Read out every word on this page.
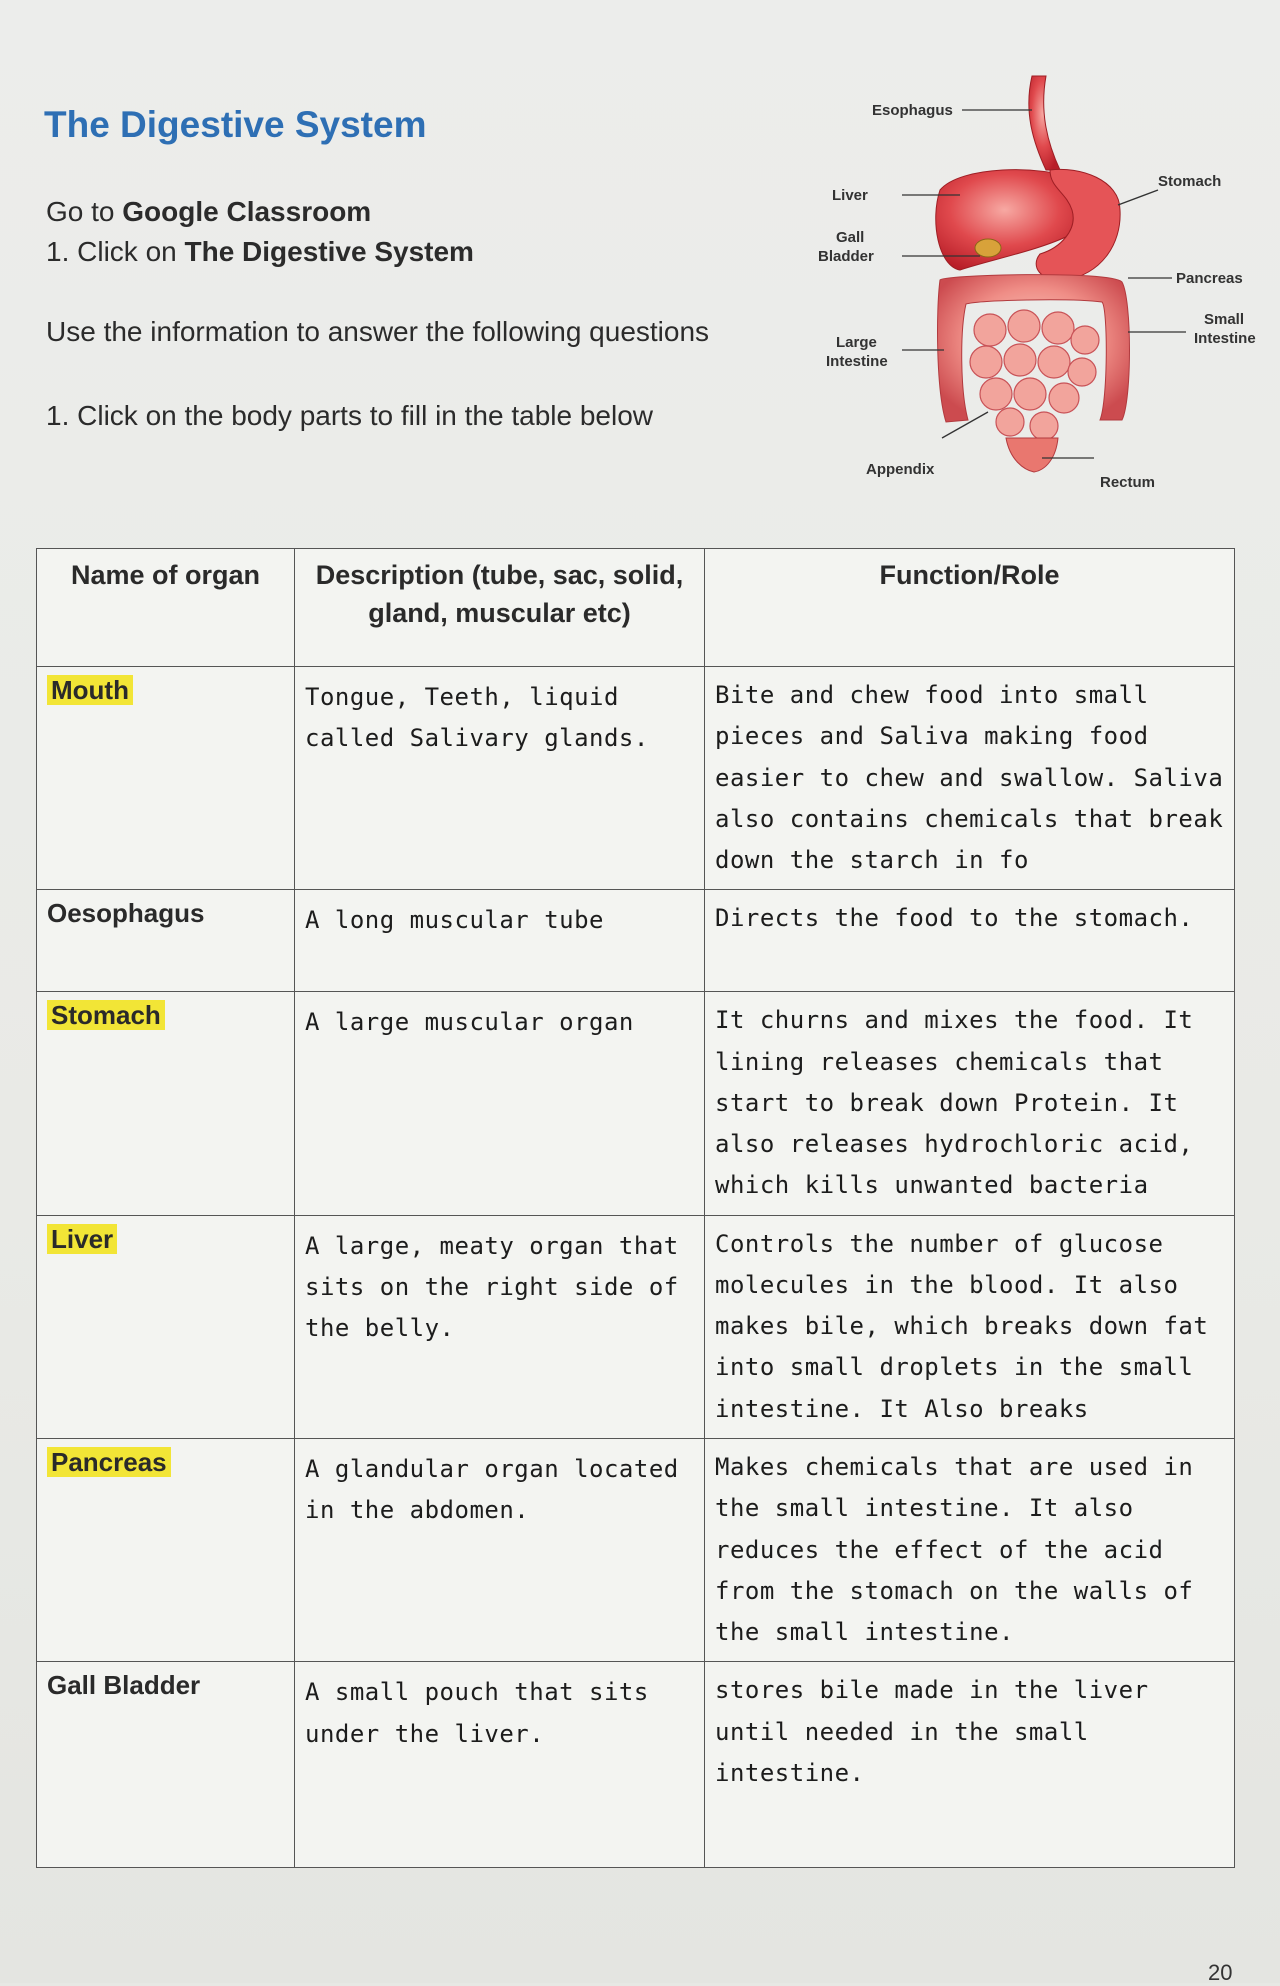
The Digestive System
Go to Google Classroom
1. Click on The Digestive System
Use the information to answer the following questions
1. Click on the body parts to fill in the table below
Esophagus
Stomach
Liver
Gall
Bladder
Pancreas
Small
Intestine
Large
Intestine
Appendix
Rectum
Name of organ	Description (tube, sac, solid, gland, muscular etc)	Function/Role
Mouth	Tongue, Teeth, liquid called Salivary glands.	Bite and chew food into small pieces and Saliva making food easier to chew and swallow. Saliva also contains chemicals that break down the starch in fo
Oesophagus	A long muscular tube	Directs the food to the stomach.
Stomach	A large muscular organ	It churns and mixes the food. It lining releases chemicals that start to break down Protein. It also releases hydrochloric acid, which kills unwanted bacteria
Liver	A large, meaty organ that sits on the right side of the belly.	Controls the number of glucose molecules in the blood. It also makes bile, which breaks down fat into small droplets in the small intestine. It Also breaks
Pancreas	A glandular organ located in the abdomen.	Makes chemicals that are used in the small intestine. It also reduces the effect of the acid from the stomach on the walls of the small intestine.
Gall Bladder	A small pouch that sits under the liver.	stores bile made in the liver until needed in the small intestine.
20
